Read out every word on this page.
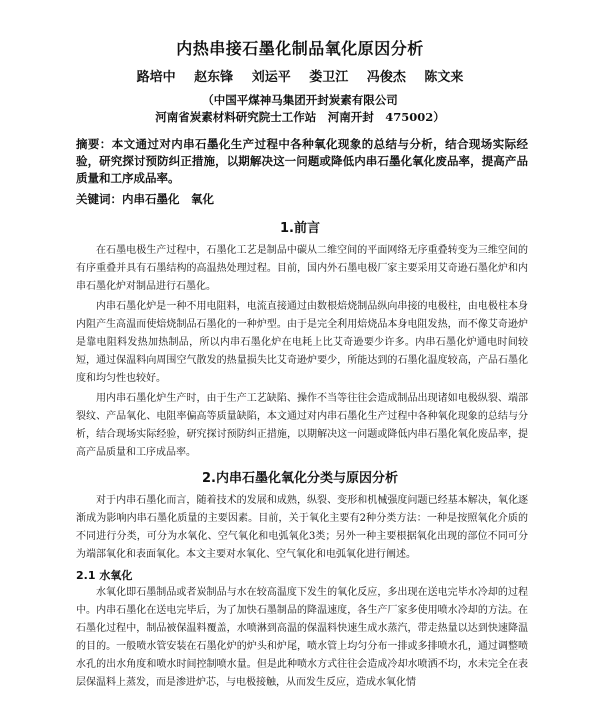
内热串接石墨化制品氧化原因分析
路培中 赵东锋 刘运平 娄卫江 冯俊杰 陈文来
（中国平煤神马集团开封炭素有限公司
河南省炭素材料研究院士工作站　河南开封　475002）
摘要：本文通过对内串石墨化生产过程中各种氧化现象的总结与分析，结合现场实际经验，研究探讨预防纠正措施，以期解决这一问题或降低内串石墨化氧化废品率，提高产品质量和工序成品率。
关键词：内串石墨化　氧化
1.前言
在石墨电极生产过程中，石墨化工艺是制品中碳从二维空间的平面网络无序重叠转变为三维空间的有序重叠并具有石墨结构的高温热处理过程。目前，国内外石墨电极厂家主要采用艾奇逊石墨化炉和内串石墨化炉对制品进行石墨化。
内串石墨化炉是一种不用电阻料，电流直接通过由数根焙烧制品纵向串接的电极柱，由电极柱本身内阻产生高温而使焙烧制品石墨化的一种炉型。由于是完全利用焙烧品本身电阻发热，而不像艾奇逊炉是靠电阻料发热加热制品，所以内串石墨化炉在电耗上比艾奇逊要少许多。内串石墨化炉通电时间较短，通过保温料向周围空气散发的热量损失比艾奇逊炉要少，所能达到的石墨化温度较高，产品石墨化度和均匀性也较好。
用内串石墨化炉生产时，由于生产工艺缺陷、操作不当等往往会造成制品出现诸如电极纵裂、端部裂纹、产品氧化、电阻率偏高等质量缺陷，本文通过对内串石墨化生产过程中各种氧化现象的总结与分析，结合现场实际经验，研究探讨预防纠正措施，以期解决这一问题或降低内串石墨化氧化废品率，提高产品质量和工序成品率。
2.内串石墨化氧化分类与原因分析
对于内串石墨化而言，随着技术的发展和成熟，纵裂、变形和机械强度问题已经基本解决，氧化逐渐成为影响内串石墨化质量的主要因素。目前，关于氧化主要有2种分类方法：一种是按照氧化介质的不同进行分类，可分为水氧化、空气氧化和电弧氧化3类；另外一种主要根据氧化出现的部位不同可分为端部氧化和表面氧化。本文主要对水氧化、空气氧化和电弧氧化进行阐述。
2.1 水氧化
水氧化即石墨制品或者炭制品与水在较高温度下发生的氧化反应，多出现在送电完毕水冷却的过程中。内串石墨化在送电完毕后，为了加快石墨制品的降温速度，各生产厂家多使用喷水冷却的方法。在石墨化过程中，制品被保温料覆盖，水喷淋到高温的保温料快速生成水蒸汽，带走热量以达到快速降温的目的。一般喷水管安装在石墨化炉的炉头和炉尾，喷水管上均匀分布一排或多排喷水孔，通过调整喷水孔的出水角度和喷水时间控制喷水量。但是此种喷水方式往往会造成冷却水喷洒不均，水未完全在表层保温料上蒸发，而是渗进炉芯，与电极接触，从而发生反应，造成水氧化情
